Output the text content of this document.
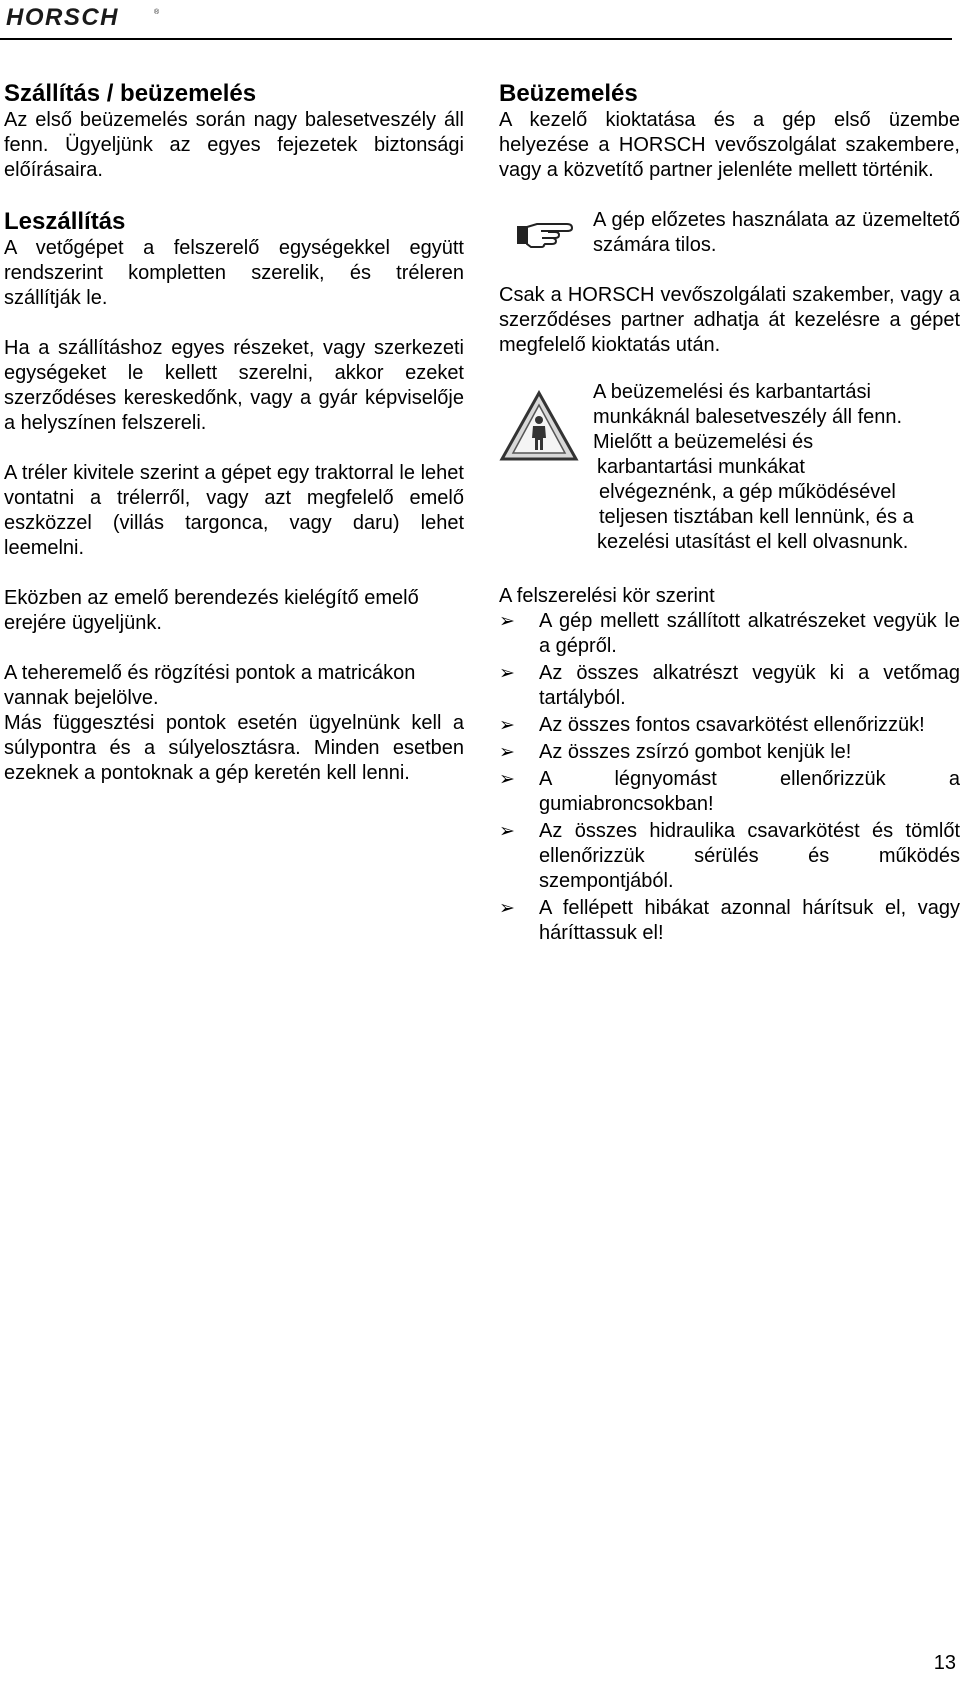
HORSCH	®
Szállítás / beüzemelés

Az első beüzemelés során nagy balesetveszély áll fenn. Ügyeljünk az egyes fejezetek biztonsági előírásaira.

Leszállítás

A vetőgépet a felszerelő egységekkel együtt rendszerint kompletten szerelik, és tréleren szállítják le.

Ha a szállításhoz egyes részeket, vagy szerkezeti egységeket le kellett szerelni, akkor ezeket szerződéses kereskedőnk, vagy a gyár képviselője a helyszínen felszereli.

A tréler kivitele szerint a gépet egy traktorral le lehet vontatni a trélerről, vagy azt megfelelő emelő eszközzel (villás targonca, vagy daru) lehet leemelni.

Eközben az emelő berendezés kielégítő emelő erejére ügyeljünk.

A teheremelő és rögzítési pontok a matricákon vannak bejelölve.

Más függesztési pontok esetén ügyelnünk kell a súlypontra és a súlyelosztásra. Minden esetben ezeknek a pontoknak a gép keretén kell lenni.

Beüzemelés

A kezelő kioktatása és a gép első üzembe helyezése a HORSCH vevőszolgálat szakembere, vagy a közvetítő partner jelenléte mellett történik.

A gép előzetes használata az üzemeltető számára tilos.

Csak a HORSCH vevőszolgálati szakember, vagy a szerződéses partner adhatja át kezelésre a gépet megfelelő kioktatás után.

A beüzemelési és karbantartási
munkáknál balesetveszély áll fenn.
Mielőtt a beüzemelési és
karbantartási munkákat
elvégeznénk, a gép működésével
teljesen tisztában kell lennünk, és a
kezelési utasítást el kell olvasnunk.

A felszerelési kör szerint

➢ A gép mellett szállított alkatrészeket vegyük le a gépről.
➢ Az összes alkatrészt vegyük ki a vetőmag tartályból.
➢ Az összes fontos csavarkötést ellenőrizzük!
➢ Az összes zsírzó gombot kenjük le!
➢ A légnyomást ellenőrizzük a gumiabroncsokban!
➢ Az összes hidraulika csavarkötést és tömlőt ellenőrizzük sérülés és működés szempontjából.
➢ A fellépett hibákat azonnal hárítsuk el, vagy háríttassuk el!
13
